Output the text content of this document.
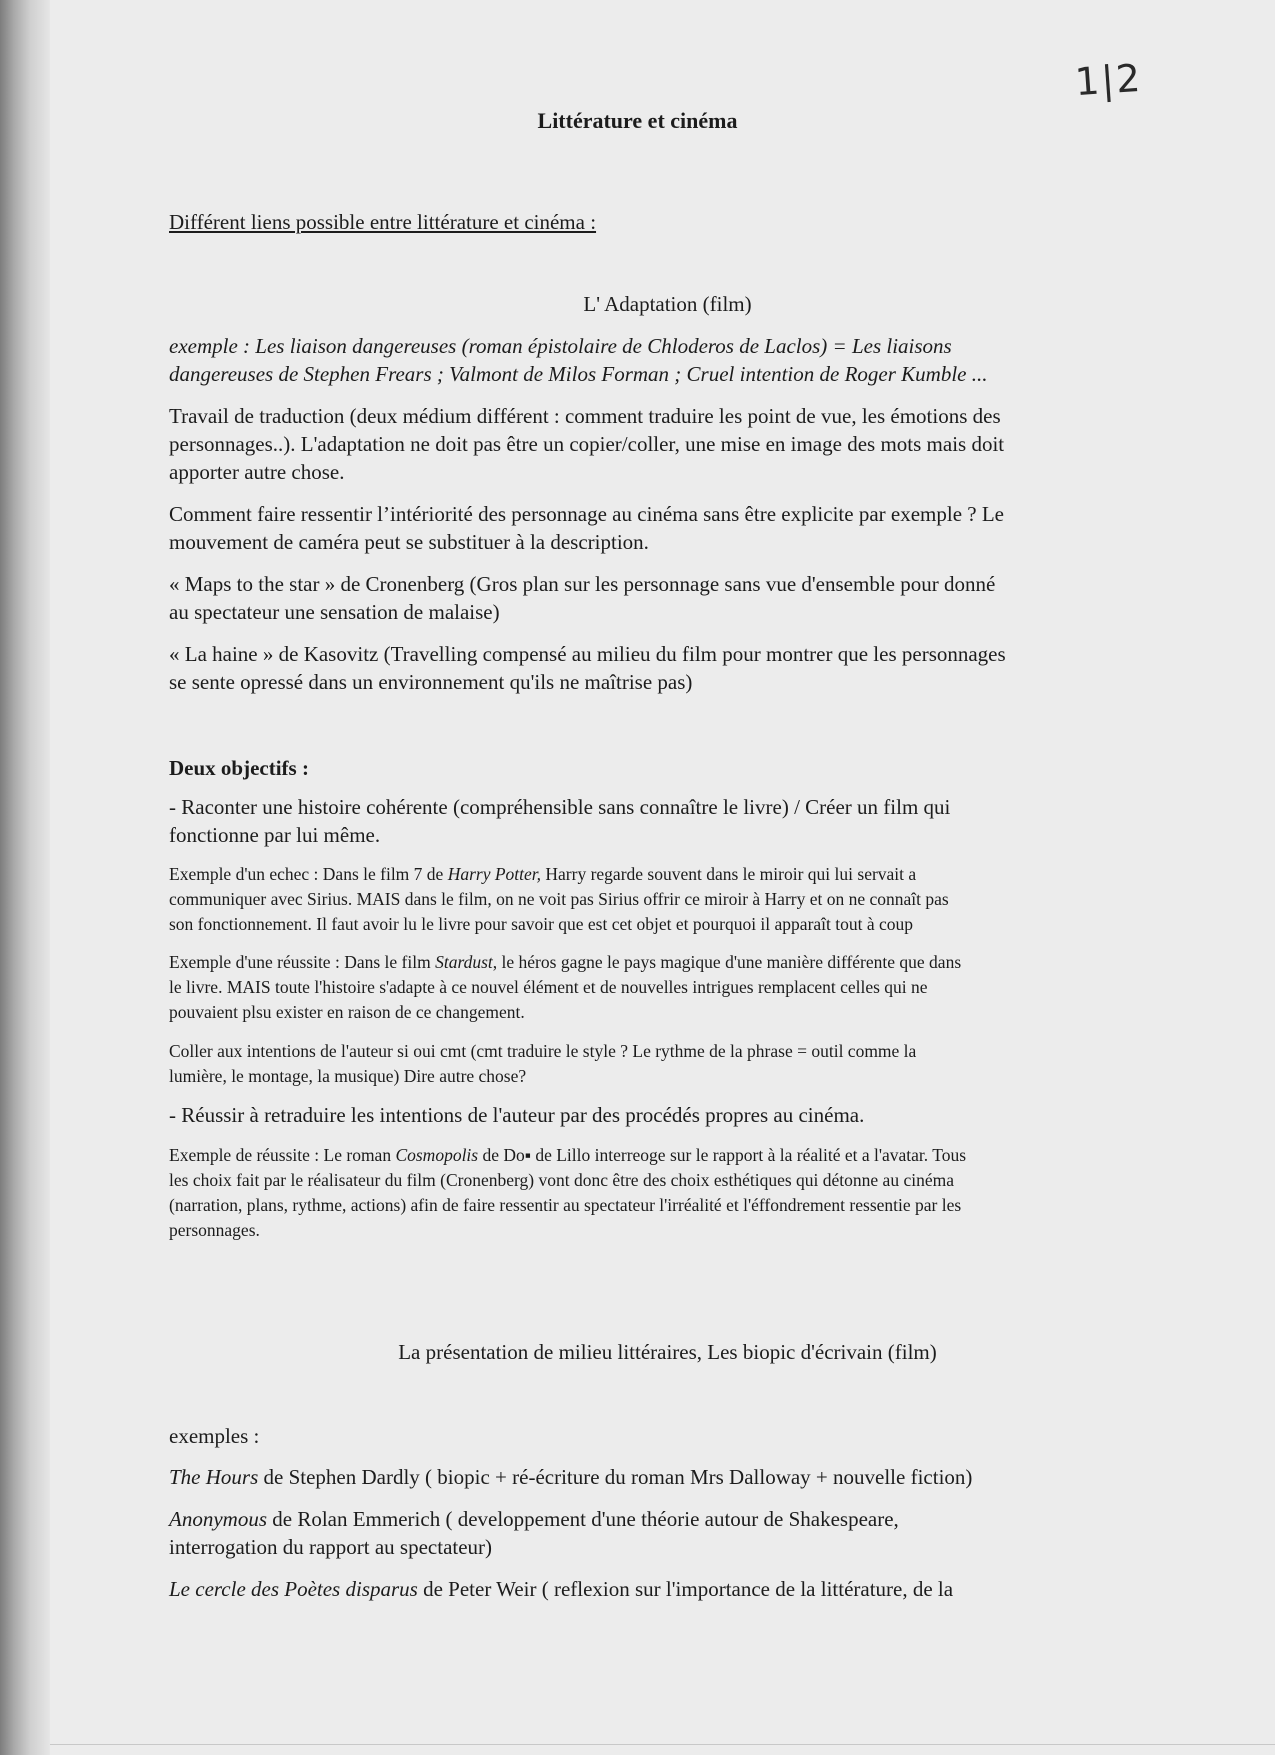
1|2
Littérature et cinéma
Différent liens possible entre littérature et cinéma :
L' Adaptation (film)
exemple : Les liaison dangereuses (roman épistolaire de Chloderos de Laclos) = Les liaisons
dangereuses de Stephen Frears ; Valmont de Milos Forman ; Cruel intention de Roger Kumble ...
Travail de traduction (deux médium différent : comment traduire les point de vue, les émotions des
personnages..). L'adaptation ne doit pas être un copier/coller, une mise en image des mots mais doit
apporter autre chose.
Comment faire ressentir l’intériorité des personnage au cinéma sans être explicite par exemple ? Le
mouvement de caméra peut se substituer à la description.
« Maps to the star » de Cronenberg (Gros plan sur les personnage sans vue d'ensemble pour donné
au spectateur une sensation de malaise)
« La haine » de Kasovitz (Travelling compensé au milieu du film pour montrer que les personnages
se sente opressé dans un environnement qu'ils ne maîtrise pas)
Deux objectifs :
- Raconter une histoire cohérente (compréhensible sans connaître le livre) / Créer un film qui
fonctionne par lui même.
Exemple d'un echec : Dans le film 7 de Harry Potter, Harry regarde souvent dans le miroir qui lui servait a
communiquer avec Sirius. MAIS dans le film, on ne voit pas Sirius offrir ce miroir à Harry et on ne connaît pas
son fonctionnement. Il faut avoir lu le livre pour savoir que est cet objet et pourquoi il apparaît tout à coup
Exemple d'une réussite : Dans le film Stardust, le héros gagne le pays magique d'une manière différente que dans
le livre. MAIS toute l'histoire s'adapte à ce nouvel élément et de nouvelles intrigues remplacent celles qui ne
pouvaient plsu exister en raison de ce changement.
Coller aux intentions de l'auteur si oui cmt (cmt traduire le style ? Le rythme de la phrase = outil comme la
lumière, le montage, la musique) Dire autre chose?
- Réussir à retraduire les intentions de l'auteur par des procédés propres au cinéma.
Exemple de réussite : Le roman Cosmopolis de Do▪ de Lillo interreoge sur le rapport à la réalité et a l'avatar. Tous
les choix fait par le réalisateur du film (Cronenberg) vont donc être des choix esthétiques qui détonne au cinéma
(narration, plans, rythme, actions) afin de faire ressentir au spectateur l'irréalité et l'éffondrement ressentie par les
personnages.
La présentation de milieu littéraires, Les biopic d'écrivain (film)
exemples :
The Hours de Stephen Dardly ( biopic + ré-écriture du roman Mrs Dalloway + nouvelle fiction)
Anonymous de Rolan Emmerich ( developpement d'une théorie autour de Shakespeare,
interrogation du rapport au spectateur)
Le cercle des Poètes disparus de Peter Weir ( reflexion sur l'importance de la littérature, de la
